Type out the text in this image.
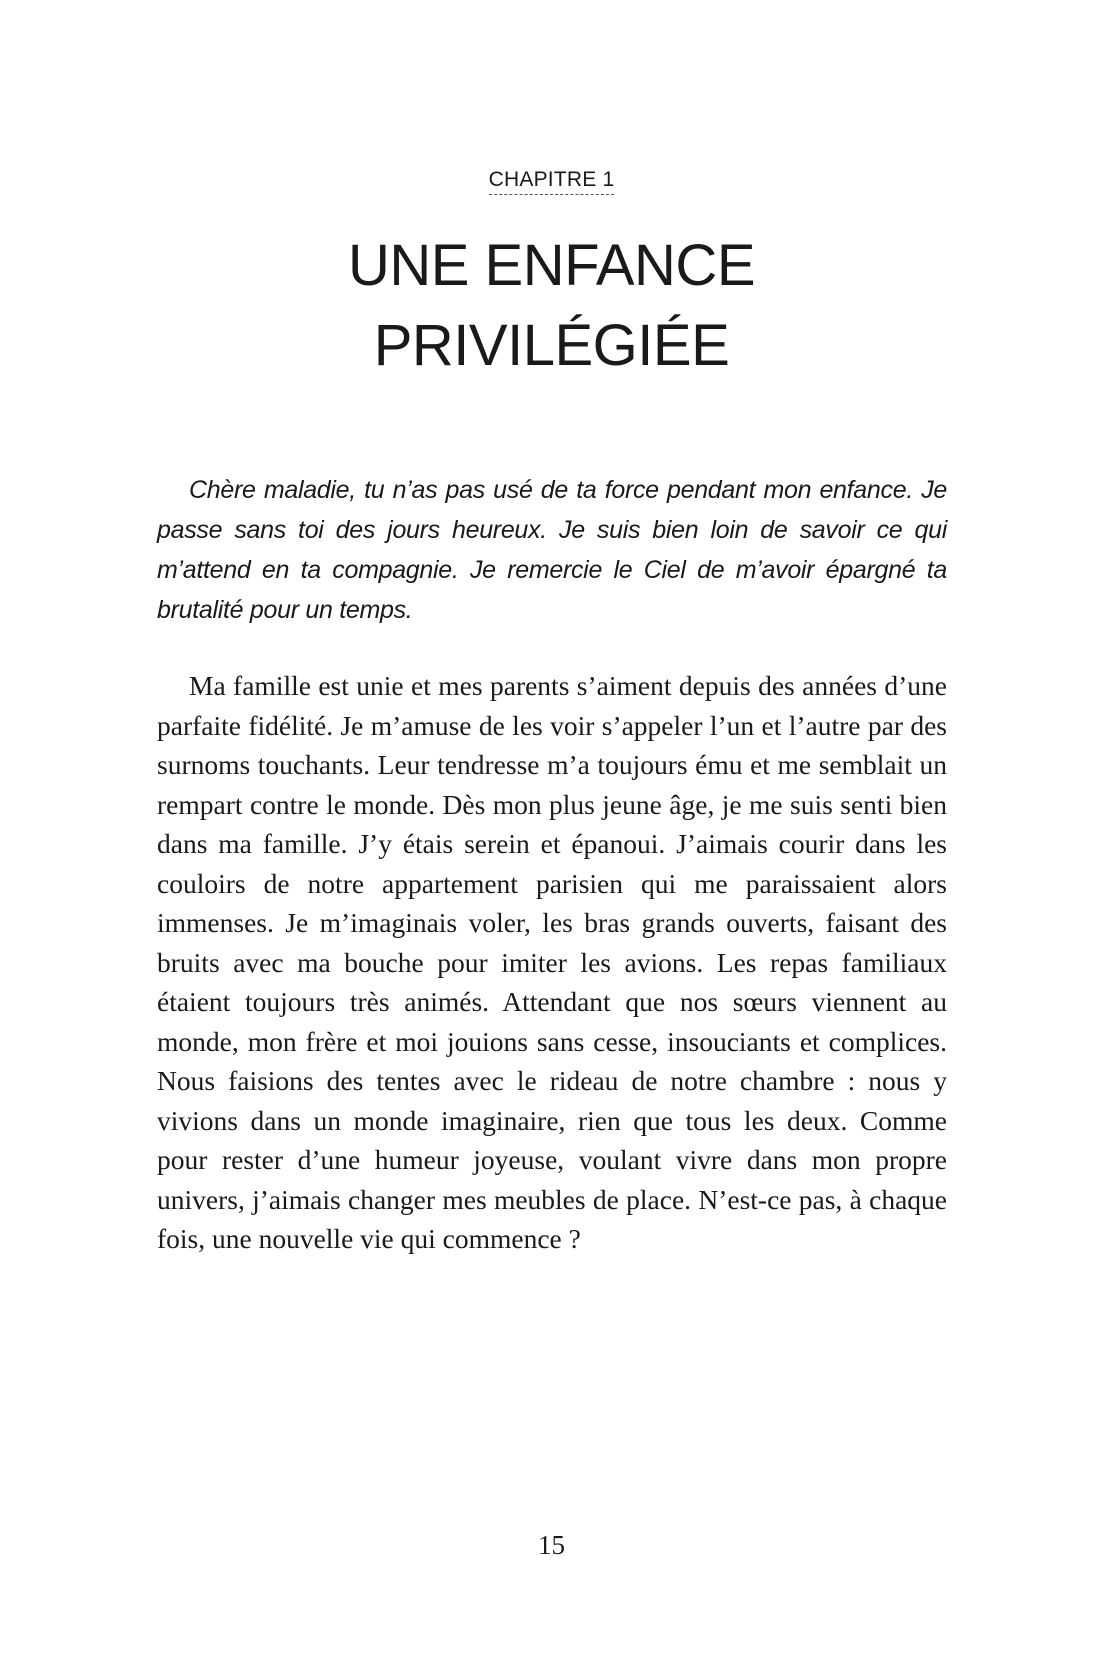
CHAPITRE 1
UNE ENFANCE
PRIVILÉGIÉE

Chère maladie, tu n’as pas usé de ta force pendant mon enfance. Je passe sans toi des jours heureux. Je suis bien loin de savoir ce qui m’attend en ta compagnie. Je remercie le Ciel de m’avoir épargné ta brutalité pour un temps.

Ma famille est unie et mes parents s’aiment depuis des années d’une parfaite fidélité. Je m’amuse de les voir s’appeler l’un et l’autre par des surnoms touchants. Leur tendresse m’a toujours ému et me semblait un rempart contre le monde. Dès mon plus jeune âge, je me suis senti bien dans ma famille. J’y étais serein et épanoui. J’aimais courir dans les couloirs de notre appartement parisien qui me paraissaient alors immenses. Je m’imaginais voler, les bras grands ouverts, faisant des bruits avec ma bouche pour imiter les avions. Les repas familiaux étaient toujours très animés. Attendant que nos sœurs viennent au monde, mon frère et moi jouions sans cesse, insouciants et complices. Nous faisions des tentes avec le rideau de notre chambre : nous y vivions dans un monde imaginaire, rien que tous les deux. Comme pour rester d’une humeur joyeuse, voulant vivre dans mon propre univers, j’aimais changer mes meubles de place. N’est-ce pas, à chaque fois, une nouvelle vie qui commence ?

15
